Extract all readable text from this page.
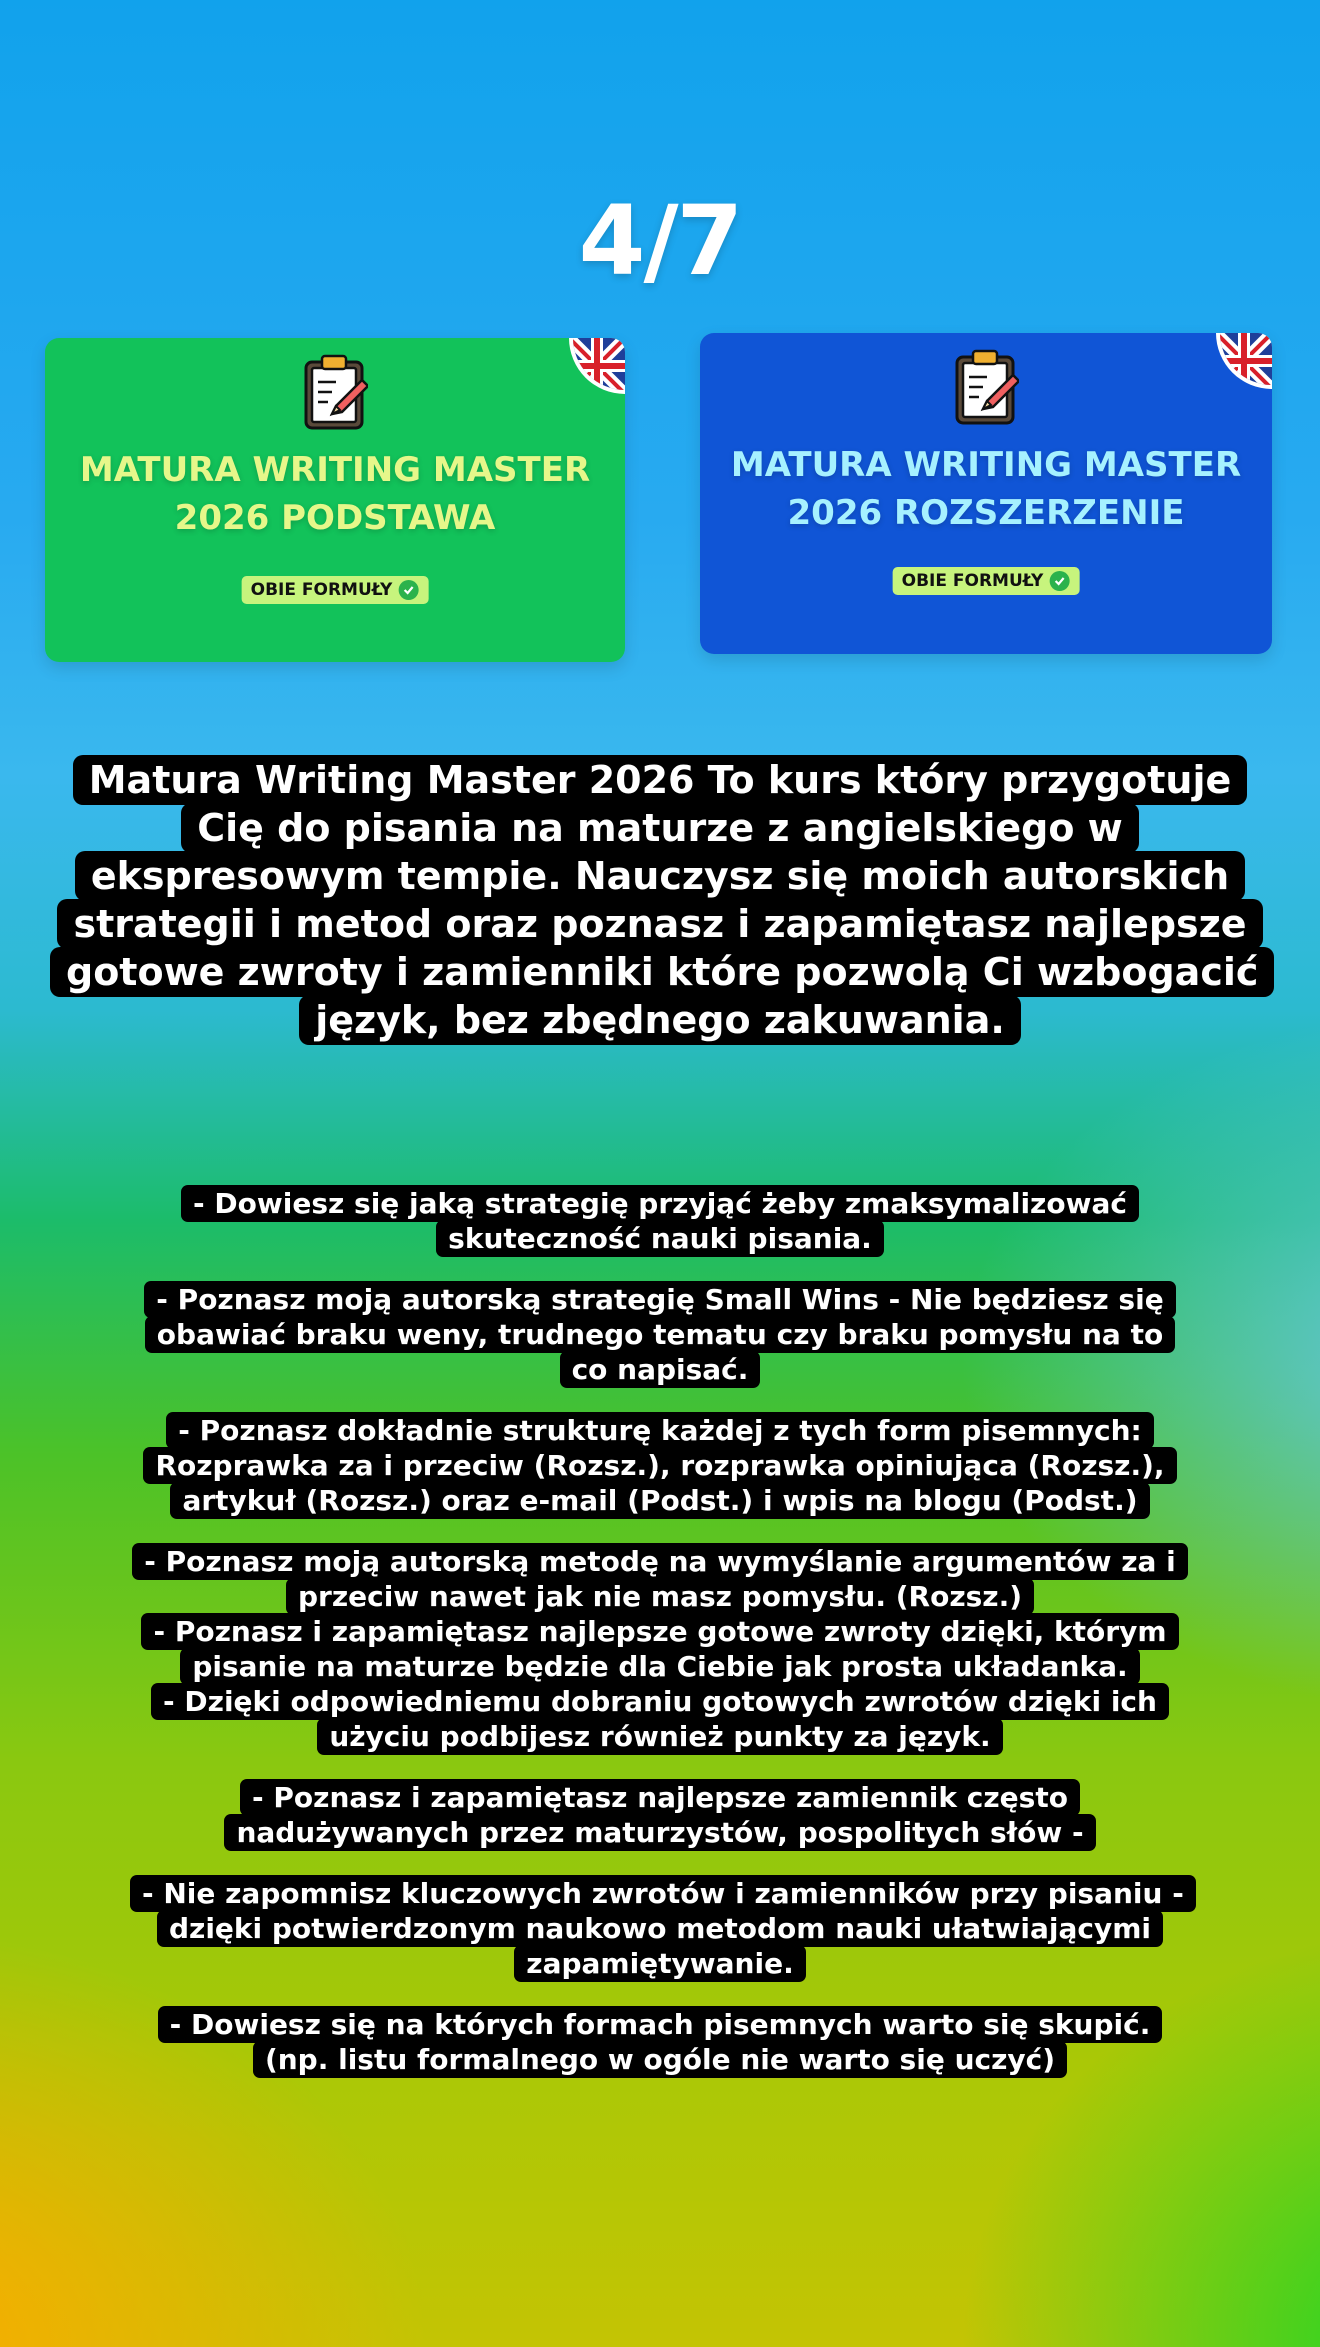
4/7
MATURA WRITING MASTER
2026 PODSTAWA
OBIE FORMUŁY
MATURA WRITING MASTER
2026 ROZSZERZENIE
OBIE FORMUŁY
Matura Writing Master 2026 To kurs który przygotuje Cię do pisania na maturze z angielskiego w ekspresowym tempie. Nauczysz się moich autorskich strategii i metod oraz poznasz i zapamiętasz najlepsze gotowe zwroty i zamienniki które pozwolą Ci wzbogacić język, bez zbędnego zakuwania.

- Dowiesz się jaką strategię przyjąć żeby zmaksymalizować skuteczność nauki pisania.

- Poznasz moją autorską strategię Small Wins - Nie będziesz się obawiać braku weny, trudnego tematu czy braku pomysłu na to co napisać.

- Poznasz dokładnie strukturę każdej z tych form pisemnych: Rozprawka za i przeciw (Rozsz.), rozprawka opiniująca (Rozsz.), artykuł (Rozsz.) oraz e-mail (Podst.) i wpis na blogu (Podst.)

- Poznasz moją autorską metodę na wymyślanie argumentów za i przeciw nawet jak nie masz pomysłu. (Rozsz.)

- Poznasz i zapamiętasz najlepsze gotowe zwroty dzięki, którym pisanie na maturze będzie dla Ciebie jak prosta układanka.

- Dzięki odpowiedniemu dobraniu gotowych zwrotów dzięki ich użyciu podbijesz również punkty za język.

- Poznasz i zapamiętasz najlepsze zamiennik często nadużywanych przez maturzystów, pospolitych słów -

- Nie zapomnisz kluczowych zwrotów i zamienników przy pisaniu - dzięki potwierdzonym naukowo metodom nauki ułatwiającymi zapamiętywanie.

- Dowiesz się na których formach pisemnych warto się skupić. (np. listu formalnego w ogóle nie warto się uczyć)
